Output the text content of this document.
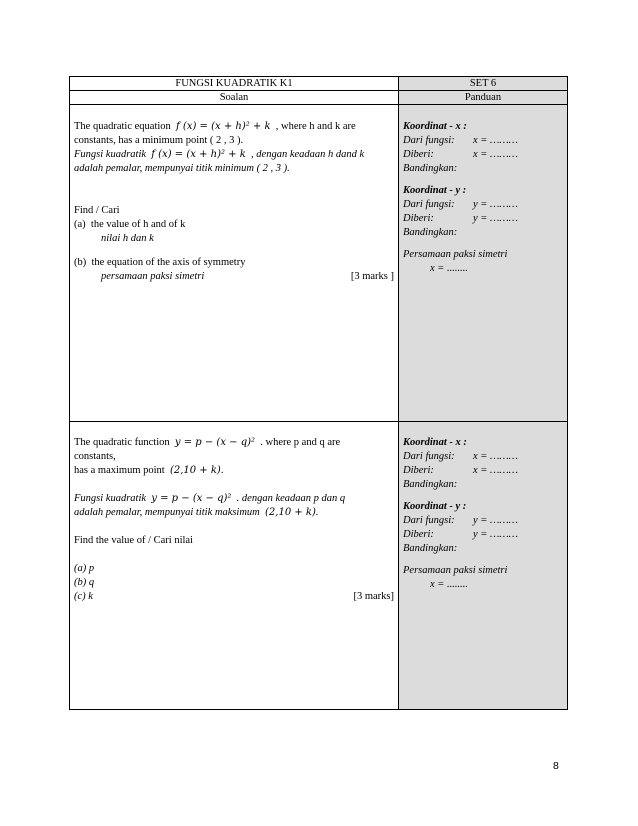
FUNGSI KUADRATIK K1	SET 6
Soalan	Panduan

The quadratic equation f (x) = (x + h)² + k , where h and k are

constants, has a minimum point ( 2 , 3 ).

Fungsi kuadratik f (x) = (x + h)² + k , dengan keadaan h dand k

adalah pemalar, mempunyai titik minimum ( 2 , 3 ).

Find / Cari

(a) the value of h and of k

nilai h dan k

(b) the equation of the axis of symmetry

persamaan paksi simetri	[3 marks ]

Koordinat - x :

Dari fungsi:	x = ………
Diberi:	x = ………

Bandingkan:

Koordinat - y :

Dari fungsi:	y = ………
Diberi:	y = ………

Bandingkan:

Persamaan paksi simetri

x = ........

The quadratic function y = p − (x − q)² . where p and q are

constants,

has a maximum point (2,10 + k).

Fungsi kuadratik y = p − (x − q)² . dengan keadaan p dan q

adalah pemalar, mempunyai titik maksimum (2,10 + k).

Find the value of / Cari nilai

(a) p

(b) q

(c) k	[3 marks]

Koordinat - x :

Dari fungsi:	x = ………
Diberi:	x = ………

Bandingkan:

Koordinat - y :

Dari fungsi:	y = ………
Diberi:	y = ………

Bandingkan:

Persamaan paksi simetri

x = ........

8
